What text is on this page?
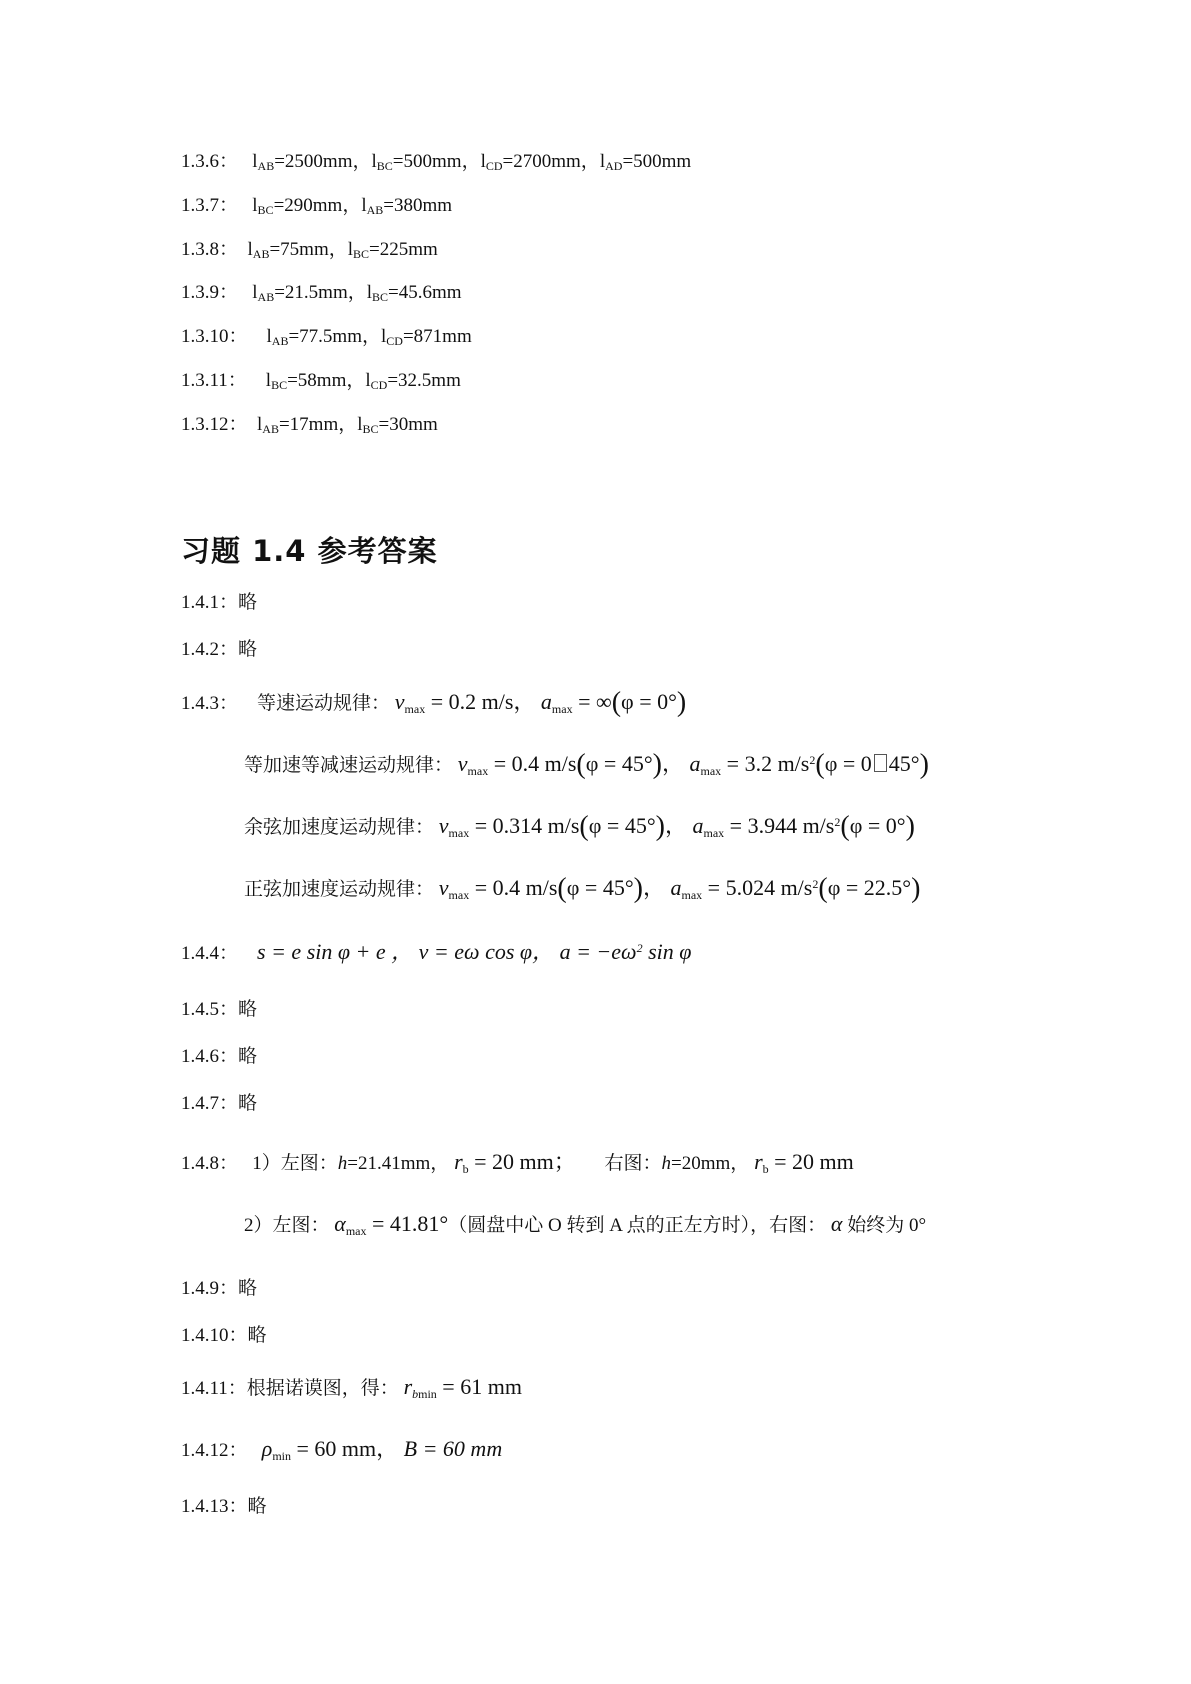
1.3.6：   $l_{AB}=2500mm$，$l_{BC}=500mm$，$l_{CD}=2700mm$，$l_{AD}=500mm$
1.3.7：   $l_{BC}=290mm$，$l_{AB}=380mm$
1.3.8：  $l_{AB}=75mm$，$l_{BC}=225mm$
1.3.9：   $l_{AB}=21.5mm$，$l_{BC}=45.6mm$
1.3.10：    $l_{AB}=77.5mm$，$l_{CD}=871mm$
1.3.11：    $l_{BC}=58mm$，$l_{CD}=32.5mm$
1.3.12：  $l_{AB}=17mm$，$l_{BC}=30mm$
习题 1.4 参考答案
1.4.1：略
1.4.2：略
1.4.3： 等速运动规律： $v_{max} = 0.2$ m/s， $a_{max} = \infty(\varphi = 0^\circ)$
等加速等减速运动规律： $v_{max} = 0.4$ m/s(φ = 45°)， $a_{max} = 3.2$ $m/s^2(\varphi = 0$ 45°)
余弦加速度运动规律： $v_{max} = 0.314$ m/s(φ = 45°)， $a_{max} = 3.944$ $m/s^2(\varphi = 0^\circ)$
正弦加速度运动规律： $v_{max} = 0.4$ m/s(φ = 45°)， $a_{max} = 5.024$ $m/s^2(\varphi = 22.5^\circ)$
1.4.4： s = e sin φ + e ， v = eω cos φ， $a = -e\omega^2$ sin φ
1.4.5：略
1.4.6：略
1.4.7：略
1.4.8： 1）左图：h=21.41mm， $r_b = 20$ mm； 右图：h=20mm， $r_b = 20$ mm
2）左图： $\alpha_{max} = 41.81^\circ$（圆盘中心 O 转到 A 点的正左方时），右图： α 始终为 0°
1.4.9：略
1.4.10：略
1.4.11：根据诺谟图，得： $r_{bmin} = 61$ mm
1.4.12： $\rho_{min} = 60$ mm， B = 60 mm
1.4.13：略
